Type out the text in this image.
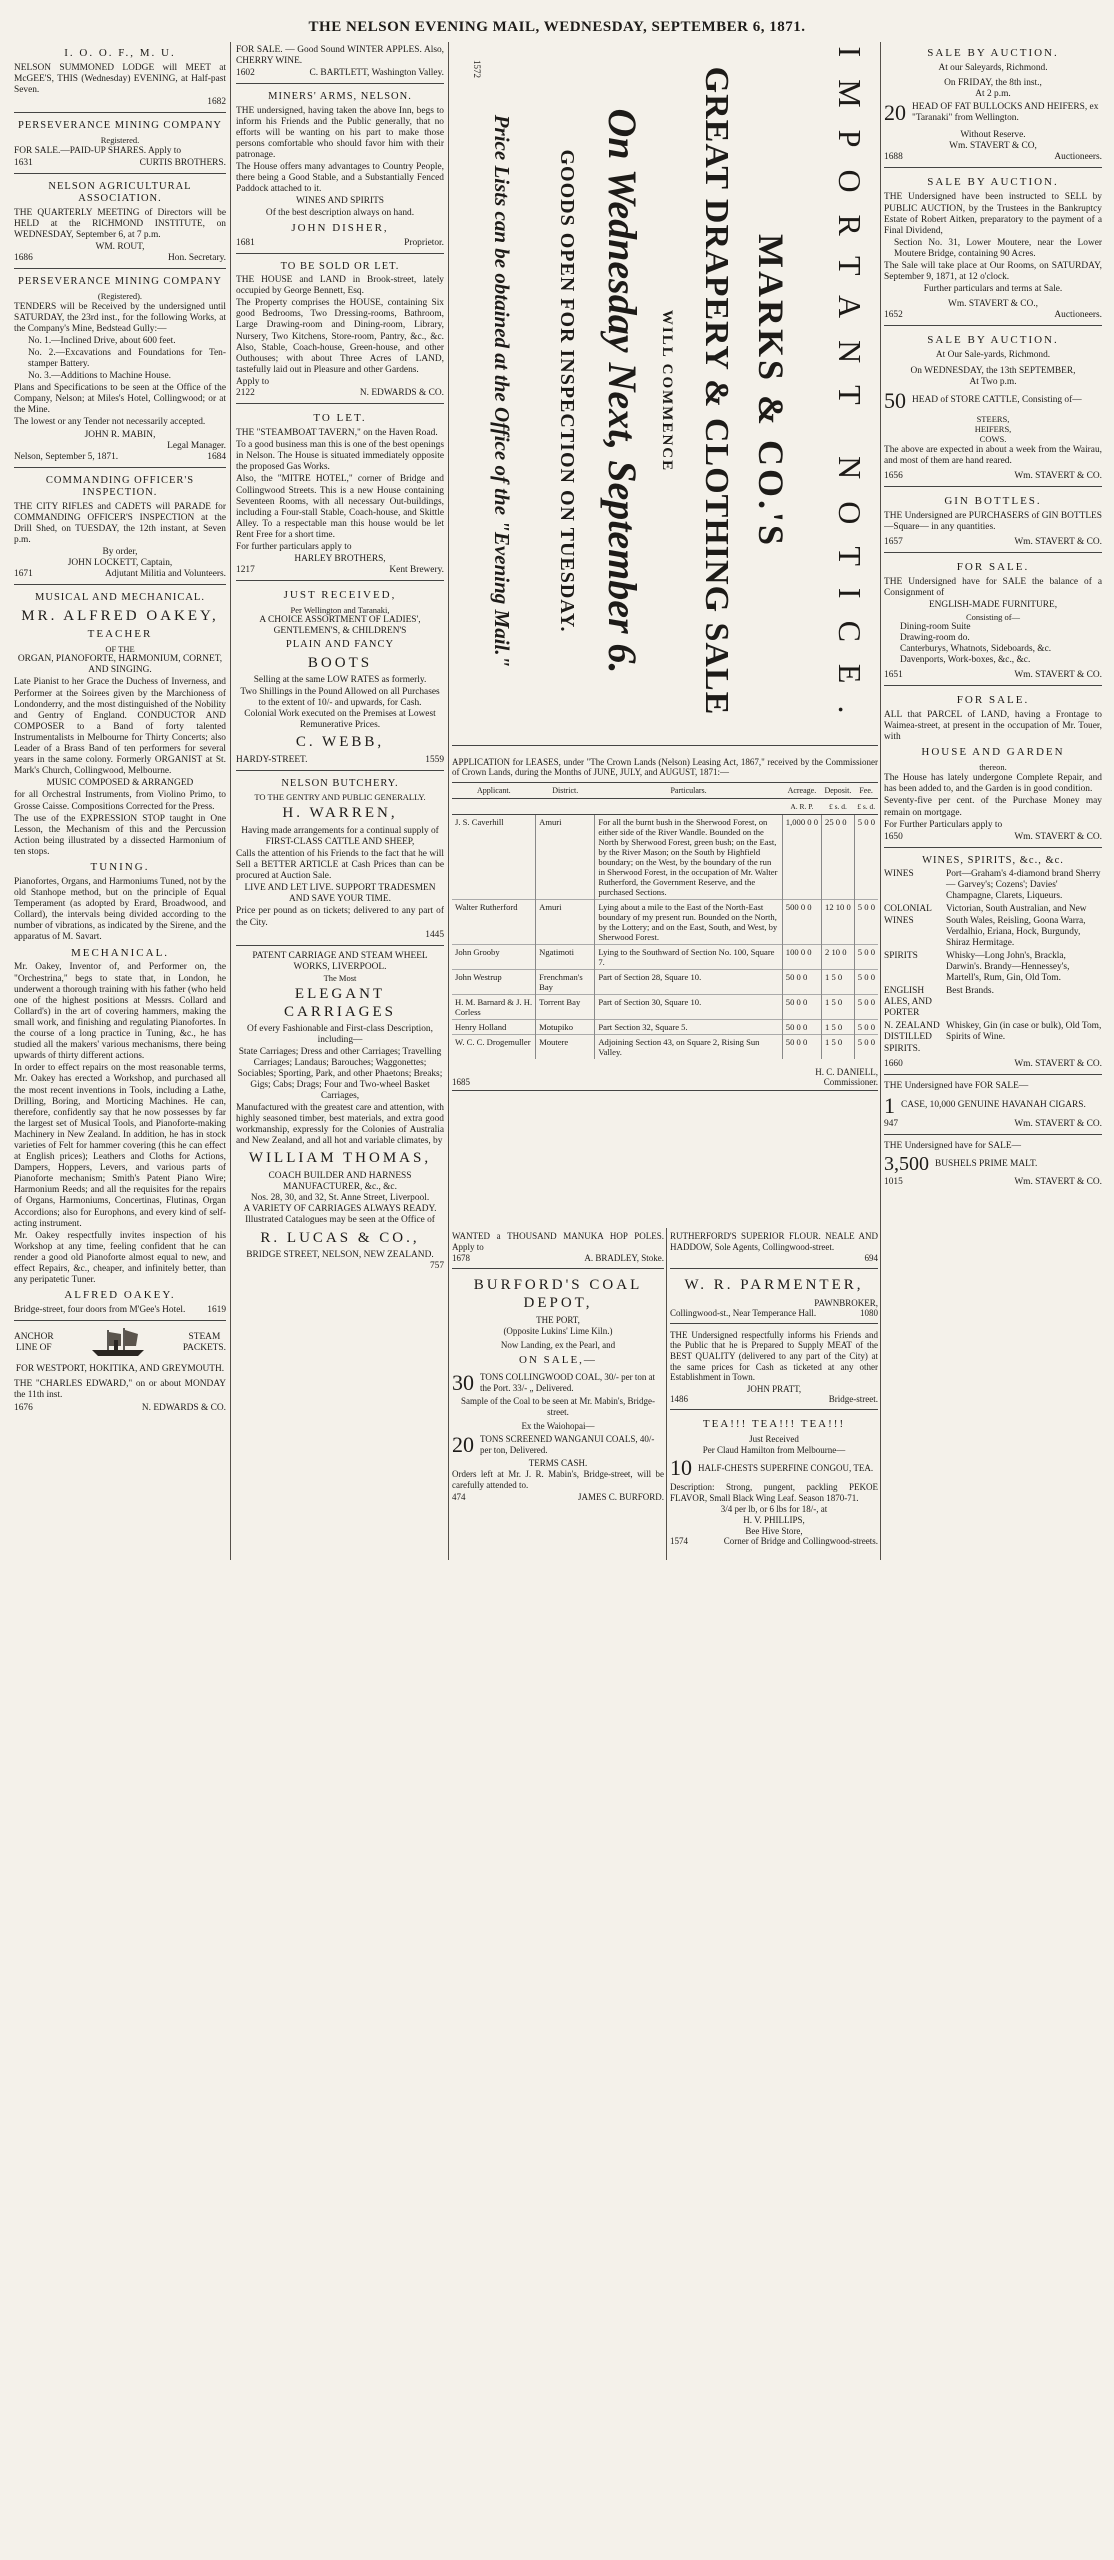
THE NELSON EVENING MAIL, WEDNESDAY, SEPTEMBER 6, 1871.
I. O. O. F., M. U.
NELSON SUMMONED LODGE will MEET at McGEE'S, THIS (Wednesday) EVENING, at Half-past Seven.
1682
PERSEVERANCE MINING COMPANY
Registered.
FOR SALE.—PAID-UP SHARES. Apply to
1631	CURTIS BROTHERS.
NELSON AGRICULTURAL ASSOCIATION.
THE QUARTERLY MEETING of Directors will be HELD at the RICHMOND INSTITUTE, on WEDNESDAY, September 6, at 7 p.m.
WM. ROUT,
1686	Hon. Secretary.
PERSEVERANCE MINING COMPANY
(Registered).
TENDERS will be Received by the undersigned until SATURDAY, the 23rd inst., for the following Works, at the Company's Mine, Bedstead Gully:—
No. 1.—Inclined Drive, about 600 feet.
No. 2.—Excavations and Foundations for Ten-stamper Battery.
No. 3.—Additions to Machine House.
Plans and Specifications to be seen at the Office of the Company, Nelson; at Miles's Hotel, Collingwood; or at the Mine.
The lowest or any Tender not necessarily accepted.
JOHN R. MABIN,
Legal Manager.
Nelson, September 5, 1871.	1684
COMMANDING OFFICER'S INSPECTION.
THE CITY RIFLES and CADETS will PARADE for COMMANDING OFFICER'S INSPECTION at the Drill Shed, on TUESDAY, the 12th instant, at Seven p.m.
By order,
JOHN LOCKETT, Captain,
1671	Adjutant Militia and Volunteers.
MUSICAL AND MECHANICAL.
MR. ALFRED OAKEY,
TEACHER
OF THE
ORGAN, PIANOFORTE, HARMONIUM, CORNET, AND SINGING.
Late Pianist to her Grace the Duchess of Inverness, and Performer at the Soirees given by the Marchioness of Londonderry, and the most distinguished of the Nobility and Gentry of England. CONDUCTOR AND COMPOSER to a Band of forty talented Instrumentalists in Melbourne for Thirty Concerts; also Leader of a Brass Band of ten performers for several years in the same colony. Formerly ORGANIST at St. Mark's Church, Collingwood, Melbourne.
MUSIC COMPOSED & ARRANGED
for all Orchestral Instruments, from Violino Primo, to Grosse Caisse. Compositions Corrected for the Press.
The use of the EXPRESSION STOP taught in One Lesson, the Mechanism of this and the Percussion Action being illustrated by a dissected Harmonium of ten stops.
TUNING.
Pianofortes, Organs, and Harmoniums Tuned, not by the old Stanhope method, but on the principle of Equal Temperament (as adopted by Erard, Broadwood, and Collard), the intervals being divided according to the number of vibrations, as indicated by the Sirene, and the apparatus of M. Savart.
MECHANICAL.
Mr. Oakey, Inventor of, and Performer on, the "Orchestrina," begs to state that, in London, he underwent a thorough training with his father (who held one of the highest positions at Messrs. Collard and Collard's) in the art of covering hammers, making the small work, and finishing and regulating Pianofortes. In the course of a long practice in Tuning, &c., he has studied all the makers' various mechanisms, there being upwards of thirty different actions.
In order to effect repairs on the most reasonable terms, Mr. Oakey has erected a Workshop, and purchased all the most recent inventions in Tools, including a Lathe, Drilling, Boring, and Morticing Machines. He can, therefore, confidently say that he now possesses by far the largest set of Musical Tools, and Pianoforte-making Machinery in New Zealand. In addition, he has in stock varieties of Felt for hammer covering (this he can effect at English prices); Leathers and Cloths for Actions, Dampers, Hoppers, Levers, and various parts of Pianoforte mechanism; Smith's Patent Piano Wire; Harmonium Reeds; and all the requisites for the repairs of Organs, Harmoniums, Concertinas, Flutinas, Organ Accordions; also for Europhons, and every kind of self-acting instrument.
Mr. Oakey respectfully invites inspection of his Workshop at any time, feeling confident that he can render a good old Pianoforte almost equal to new, and effect Repairs, &c., cheaper, and infinitely better, than any peripatetic Tuner.
ALFRED OAKEY.
Bridge-street, four doors from M'Gee's Hotel. 1619
ANCHOR
LINE OF
STEAM
PACKETS.
FOR WESTPORT, HOKITIKA, AND GREYMOUTH.
THE "CHARLES EDWARD," on or about MONDAY the 11th inst.
1676	N. EDWARDS & CO.
FOR SALE. — Good Sound WINTER APPLES. Also, CHERRY WINE.
1602	C. BARTLETT, Washington Valley.
MINERS' ARMS, NELSON.
THE undersigned, having taken the above Inn, begs to inform his Friends and the Public generally, that no efforts will be wanting on his part to make those persons comfortable who should favor him with their patronage.
The House offers many advantages to Country People, there being a Good Stable, and a Substantially Fenced Paddock attached to it.
WINES AND SPIRITS
Of the best description always on hand.
JOHN DISHER,
1681	Proprietor.
TO BE SOLD OR LET.
THE HOUSE and LAND in Brook-street, lately occupied by George Bennett, Esq.
The Property comprises the HOUSE, containing Six good Bedrooms, Two Dressing-rooms, Bathroom, Large Drawing-room and Dining-room, Library, Nursery, Two Kitchens, Store-room, Pantry, &c., &c. Also, Stable, Coach-house, Green-house, and other Outhouses; with about Three Acres of LAND, tastefully laid out in Pleasure and other Gardens.
Apply to
2122	N. EDWARDS & CO.
TO LET.
THE "STEAMBOAT TAVERN," on the Haven Road.
To a good business man this is one of the best openings in Nelson. The House is situated immediately opposite the proposed Gas Works.
Also, the "MITRE HOTEL," corner of Bridge and Collingwood Streets. This is a new House containing Seventeen Rooms, with all necessary Out-buildings, including a Four-stall Stable, Coach-house, and Skittle Alley. To a respectable man this house would be let Rent Free for a short time.
For further particulars apply to
HARLEY BROTHERS,
1217	Kent Brewery.
JUST RECEIVED,
Per Wellington and Taranaki,
A CHOICE ASSORTMENT OF LADIES', GENTLEMEN'S, & CHILDREN'S
PLAIN AND FANCY
BOOTS
Selling at the same LOW RATES as formerly.
Two Shillings in the Pound Allowed on all Purchases to the extent of 10/- and upwards, for Cash.
Colonial Work executed on the Premises at Lowest Remunerative Prices.
C. WEBB,
HARDY-STREET.	1559
NELSON BUTCHERY.
TO THE GENTRY AND PUBLIC GENERALLY.
H. WARREN,
Having made arrangements for a continual supply of
FIRST-CLASS CATTLE AND SHEEP,
Calls the attention of his Friends to the fact that he will Sell a BETTER ARTICLE at Cash Prices than can be procured at Auction Sale.
LIVE AND LET LIVE. SUPPORT TRADESMEN AND SAVE YOUR TIME.
Price per pound as on tickets; delivered to any part of the City.
1445
PATENT CARRIAGE AND STEAM WHEEL WORKS, LIVERPOOL.
The Most
ELEGANT CARRIAGES
Of every Fashionable and First-class Description, including—
State Carriages; Dress and other Carriages; Travelling Carriages; Landaus; Barouches; Waggonettes; Sociables; Sporting, Park, and other Phaetons; Breaks; Gigs; Cabs; Drags; Four and Two-wheel Basket Carriages,
Manufactured with the greatest care and attention, with highly seasoned timber, best materials, and extra good workmanship, expressly for the Colonies of Australia and New Zealand, and all hot and variable climates, by
WILLIAM THOMAS,
COACH BUILDER AND HARNESS MANUFACTURER, &c., &c.
Nos. 28, 30, and 32, St. Anne Street, Liverpool.
A VARIETY OF CARRIAGES ALWAYS READY.
Illustrated Catalogues may be seen at the Office of
R. LUCAS & CO.,
BRIDGE STREET, NELSON, NEW ZEALAND.
757
IMPORTANT NOTICE.
MARKS & CO.'S
GREAT DRAPERY & CLOTHING SALE
WILL COMMENCE
On Wednesday Next, September 6.
GOODS OPEN FOR INSPECTION ON TUESDAY.
Price Lists can be obtained at the Office of the "Evening Mail."
1572
APPLICATION for LEASES, under "The Crown Lands (Nelson) Leasing Act, 1867," received by the Commissioner of Crown Lands, during the Months of JUNE, JULY, and AUGUST, 1871:—
Applicant.	District.	Particulars.	Acreage.	Deposit.	Fee.
			A. R. P.	£ s. d.	£ s. d.
J. S. Caverhill	Amuri	For all the burnt bush in the Sherwood Forest, on either side of the River Wandle. Bounded on the North by Sherwood Forest, green bush; on the East, by the River Mason; on the South by Highfield boundary; on the West, by the boundary of the run in Sherwood Forest, in the occupation of Mr. Walter Rutherford, the Government Reserve, and the purchased Sections.	1,000 0 0	25 0 0	5 0 0
Walter Rutherford	Amuri	Lying about a mile to the East of the North-East boundary of my present run. Bounded on the North, by the Lottery; and on the East, South, and West, by Sherwood Forest.	500 0 0	12 10 0	5 0 0
John Grooby	Ngatimoti	Lying to the Southward of Section No. 100, Square 7.	100 0 0	2 10 0	5 0 0
John Westrup	Frenchman's Bay	Part of Section 28, Square 10.	50 0 0	1 5 0	5 0 0
H. M. Barnard & J. H. Corless	Torrent Bay	Part of Section 30, Square 10.	50 0 0	1 5 0	5 0 0
Henry Holland	Motupiko	Part Section 32, Square 5.	50 0 0	1 5 0	5 0 0
W. C. C. Drogemuller	Moutere	Adjoining Section 43, on Square 2, Rising Sun Valley.	50 0 0	1 5 0	5 0 0
H. C. DANIELL,
1685	Commissioner.
WANTED a THOUSAND MANUKA HOP POLES. Apply to
1678	A. BRADLEY, Stoke.
BURFORD'S COAL DEPOT,
THE PORT,
(Opposite Lukins' Lime Kiln.)
Now Landing, ex the Pearl, and
ON SALE,—
30 TONS COLLINGWOOD COAL, 30/- per ton at the Port. 33/- „ Delivered.
Sample of the Coal to be seen at Mr. Mabin's, Bridge-street.
Ex the Waiohopai—
20 TONS SCREENED WANGANUI COALS, 40/- per ton, Delivered.
TERMS CASH.
Orders left at Mr. J. R. Mabin's, Bridge-street, will be carefully attended to.
474	JAMES C. BURFORD.
RUTHERFORD'S SUPERIOR FLOUR. NEALE AND HADDOW, Sole Agents, Collingwood-street.
694
W. R. PARMENTER,
PAWNBROKER,
Collingwood-st., Near Temperance Hall.	1080
THE Undersigned respectfully informs his Friends and the Public that he is Prepared to Supply MEAT of the BEST QUALITY (delivered to any part of the City) at the same prices for Cash as ticketed at any other Establishment in Town.
JOHN PRATT,
1486	Bridge-street.
TEA!!! TEA!!! TEA!!!
Just Received
Per Claud Hamilton from Melbourne—
10 HALF-CHESTS SUPERFINE CONGOU, TEA.
Description: Strong, pungent, packling PEKOE FLAVOR, Small Black Wing Leaf. Season 1870-71.
3/4 per lb, or 6 lbs for 18/-, at
H. V. PHILLIPS,
Bee Hive Store,
1574	Corner of Bridge and Collingwood-streets.
SALE BY AUCTION.
At our Saleyards, Richmond.
On FRIDAY, the 8th inst.,
At 2 p.m.
20 HEAD OF FAT BULLOCKS AND HEIFERS, ex "Taranaki" from Wellington.
Without Reserve.
Wm. STAVERT & CO,
1688	Auctioneers.
SALE BY AUCTION.
THE Undersigned have been instructed to SELL by PUBLIC AUCTION, by the Trustees in the Bankruptcy Estate of Robert Aitken, preparatory to the payment of a Final Dividend,
Section No. 31, Lower Moutere, near the Lower Moutere Bridge, containing 90 Acres.
The Sale will take place at Our Rooms, on SATURDAY, September 9, 1871, at 12 o'clock.
Further particulars and terms at Sale.
Wm. STAVERT & CO.,
1652	Auctioneers.
SALE BY AUCTION.
At Our Sale-yards, Richmond.
On WEDNESDAY, the 13th SEPTEMBER,
At Two p.m.
50 HEAD of STORE CATTLE, Consisting of—
STEERS,
HEIFERS,
COWS.
The above are expected in about a week from the Wairau, and most of them are hand reared.
1656	Wm. STAVERT & CO.
GIN BOTTLES.
THE Undersigned are PURCHASERS of GIN BOTTLES—Square— in any quantities.
1657	Wm. STAVERT & CO.
FOR SALE.
THE Undersigned have for SALE the balance of a Consignment of
ENGLISH-MADE FURNITURE,
Consisting of—
Dining-room Suite
Drawing-room do.
Canterburys, Whatnots, Sideboards, &c.
Davenports, Work-boxes, &c., &c.
1651	Wm. STAVERT & CO.
FOR SALE.
ALL that PARCEL of LAND, having a Frontage to Waimea-street, at present in the occupation of Mr. Touer, with
HOUSE AND GARDEN
thereon.
The House has lately undergone Complete Repair, and has been added to, and the Garden is in good condition.
Seventy-five per cent. of the Purchase Money may remain on mortgage.
For Further Particulars apply to
1650	Wm. STAVERT & CO.
WINES, SPIRITS, &c., &c.
WINES	Port—Graham's 4-diamond brand Sherry — Garvey's; Cozens'; Davies' Champagne, Clarets, Liqueurs.
COLONIAL WINES
Victorian, South Australian, and New South Wales, Reisling, Goona Warra, Verdalhio, Eriana, Hock, Burgundy, Shiraz Hermitage.
SPIRITS	Whisky—Long John's, Brackla, Darwin's. Brandy—Hennessey's, Martell's, Rum, Gin, Old Tom.
ENGLISH ALES, AND PORTER
Best Brands.
N. ZEALAND DISTILLED SPIRITS.
Whiskey, Gin (in case or bulk), Old Tom, Spirits of Wine.
1660	Wm. STAVERT & CO.
THE Undersigned have FOR SALE—
1 CASE, 10,000 GENUINE HAVANAH CIGARS.
947	Wm. STAVERT & CO.
THE Undersigned have for SALE—
3,500 BUSHELS PRIME MALT.
1015	Wm. STAVERT & CO.
